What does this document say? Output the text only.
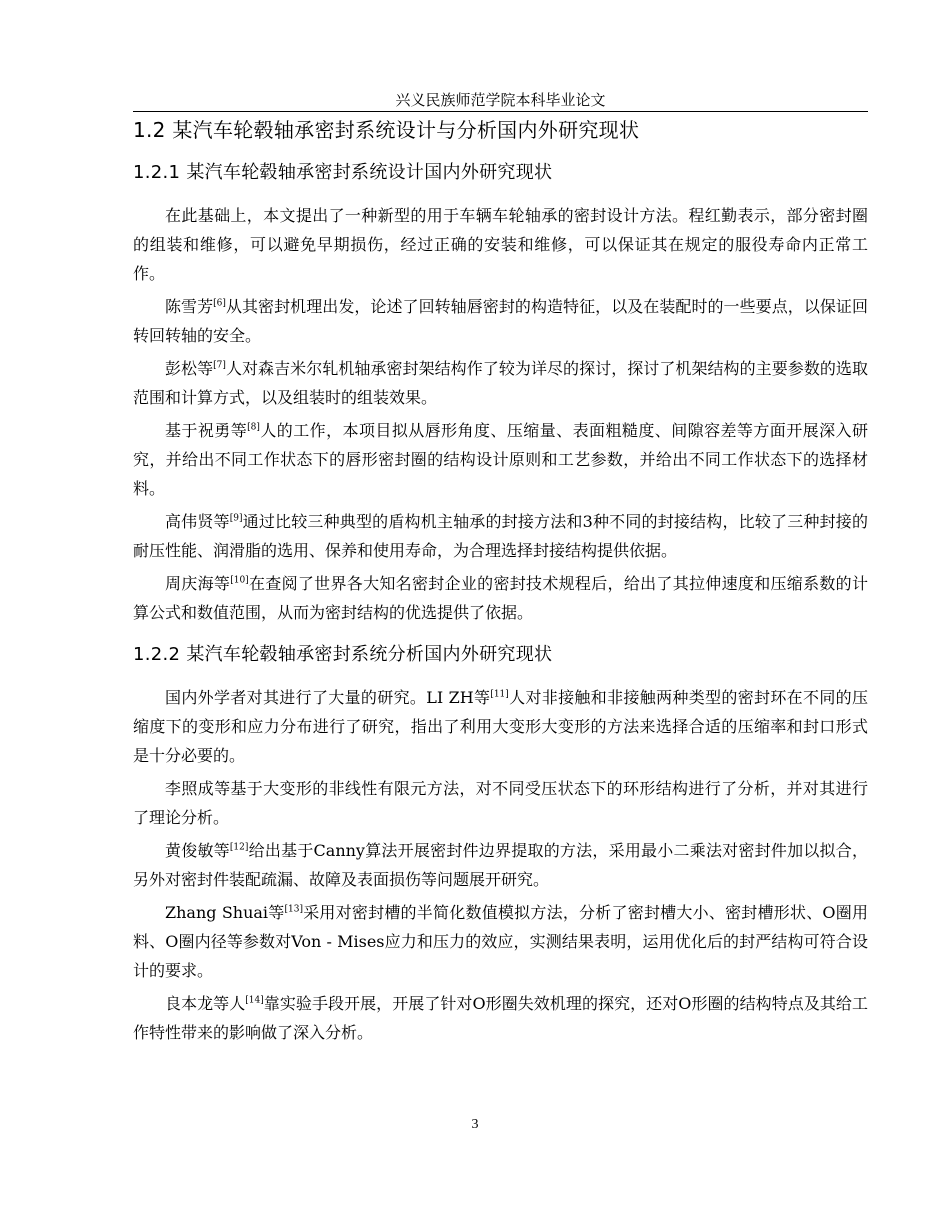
兴义民族师范学院本科毕业论文
1.2 某汽车轮毂轴承密封系统设计与分析国内外研究现状
1.2.1 某汽车轮毂轴承密封系统设计国内外研究现状

在此基础上，本文提出了一种新型的用于车辆车轮轴承的密封设计方法。程红勤表示，部分密封圈的组装和维修，可以避免早期损伤，经过正确的安装和维修，可以保证其在规定的服役寿命内正常工作。

陈雪芳[6]从其密封机理出发，论述了回转轴唇密封的构造特征，以及在装配时的一些要点，以保证回转回转轴的安全。

彭松等[7]人对森吉米尔轧机轴承密封架结构作了较为详尽的探讨，探讨了机架结构的主要参数的选取范围和计算方式，以及组装时的组装效果。

基于祝勇等[8]人的工作，本项目拟从唇形角度、压缩量、表面粗糙度、间隙容差等方面开展深入研究，并给出不同工作状态下的唇形密封圈的结构设计原则和工艺参数，并给出不同工作状态下的选择材料。

高伟贤等[9]通过比较三种典型的盾构机主轴承的封接方法和3种不同的封接结构，比较了三种封接的耐压性能、润滑脂的选用、保养和使用寿命，为合理选择封接结构提供依据。

周庆海等[10]在查阅了世界各大知名密封企业的密封技术规程后，给出了其拉伸速度和压缩系数的计算公式和数值范围，从而为密封结构的优选提供了依据。

1.2.2 某汽车轮毂轴承密封系统分析国内外研究现状

国内外学者对其进行了大量的研究。LI ZH等[11]人对非接触和非接触两种类型的密封环在不同的压缩度下的变形和应力分布进行了研究，指出了利用大变形大变形的方法来选择合适的压缩率和封口形式是十分必要的。

李照成等基于大变形的非线性有限元方法，对不同受压状态下的环形结构进行了分析，并对其进行了理论分析。

黄俊敏等[12]给出基于Canny算法开展密封件边界提取的方法，采用最小二乘法对密封件加以拟合，另外对密封件装配疏漏、故障及表面损伤等问题展开研究。

Zhang Shuai等[13]采用对密封槽的半简化数值模拟方法，分析了密封槽大小、密封槽形状、O圈用料、O圈内径等参数对Von - Mises应力和压力的效应，实测结果表明，运用优化后的封严结构可符合设计的要求。

良本龙等人[14]靠实验手段开展，开展了针对O形圈失效机理的探究，还对O形圈的结构特点及其给工作特性带来的影响做了深入分析。

3
